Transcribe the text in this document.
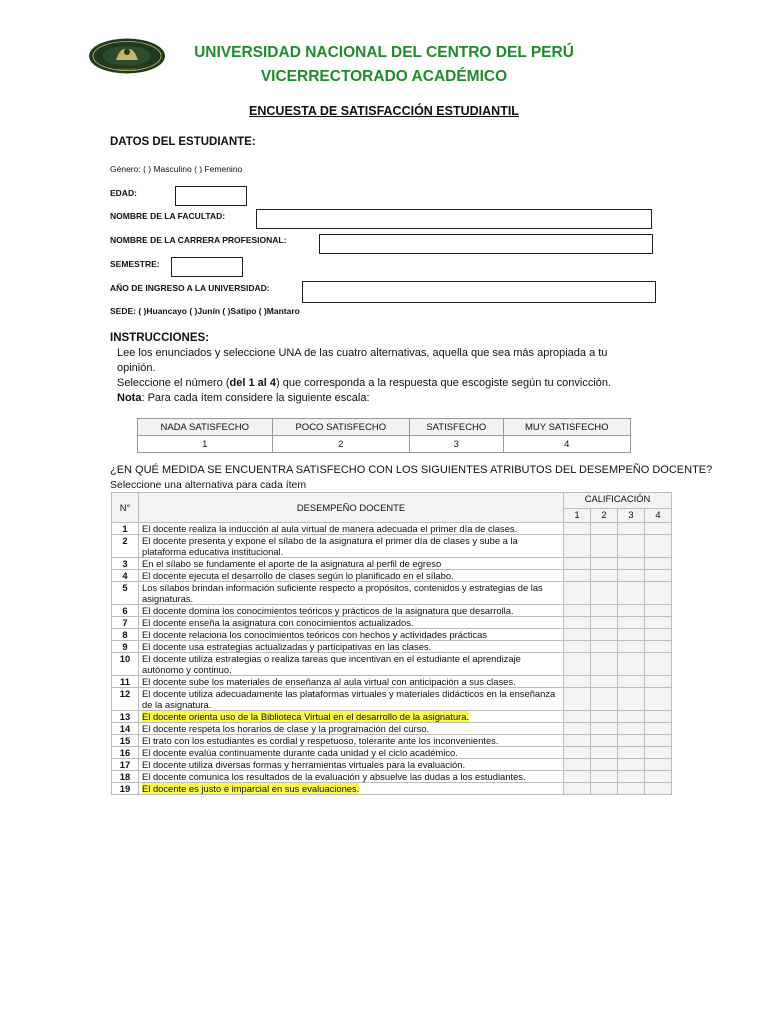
HUANCAYO
UNIVERSIDAD NACIONAL DEL CENTRO DEL PERÚ
VICERRECTORADO ACADÉMICO
ENCUESTA DE SATISFACCIÓN ESTUDIANTIL
DATOS DEL ESTUDIANTE:
Género: ( ) Masculino ( ) Femenino
EDAD:
NOMBRE DE LA FACULTAD:
NOMBRE DE LA CARRERA PROFESIONAL:
SEMESTRE:
AÑO DE INGRESO A LA UNIVERSIDAD:
SEDE: ( )Huancayo ( )Junín ( )Satipo ( )Mantaro
INSTRUCCIONES:
Lee los enunciados y seleccione UNA de las cuatro alternativas, aquella que sea más apropiada a tu opinión.
Seleccione el número (del 1 al 4) que corresponda a la respuesta que escogiste según tu convicción.
Nota: Para cada ítem considere la siguiente escala:
NADA SATISFECHO	POCO SATISFECHO	SATISFECHO	MUY SATISFECHO
1	2	3	4
¿EN QUÉ MEDIDA SE ENCUENTRA SATISFECHO CON LOS SIGUIENTES ATRIBUTOS DEL DESEMPEÑO DOCENTE?
Seleccione una alternativa para cada ítem
N°	DESEMPEÑO DOCENTE	CALIFICACIÓN			
		1	2	3	4
1	El docente realiza la inducción al aula virtual de manera adecuada el primer día de clases.				
2	El docente presenta y expone el sílabo de la asignatura el primer día de clases y sube a la plataforma educativa institucional.				
3	En el sílabo se fundamente el aporte de la asignatura al perfil de egreso				
4	El docente ejecuta el desarrollo de clases según lo planificado en el sílabo.				
5	Los sílabos brindan información suficiente respecto a propósitos, contenidos y estrategias de las asignaturas.				
6	El docente domina los conocimientos teóricos y prácticos de la asignatura que desarrolla.				
7	El docente enseña la asignatura con conocimientos actualizados.				
8	El docente relaciona los conocimientos teóricos con hechos y actividades prácticas				
9	El docente usa estrategias actualizadas y participativas en las clases.				
10	El docente utiliza estrategias o realiza tareas que incentivan en el estudiante el aprendizaje autónomo y continuo.				
11	El docente sube los materiales de enseñanza al aula virtual con anticipación a sus clases.				
12	El docente utiliza adecuadamente las plataformas virtuales y materiales didácticos en la enseñanza de la asignatura.				
13	El docente orienta uso de la Biblioteca Virtual en el desarrollo de la asignatura.				
14	El docente respeta los horarios de clase y la programación del curso.				
15	El trato con los estudiantes es cordial y respetuoso, tolerante ante los inconvenientes.				
16	El docente evalúa continuamente durante cada unidad y el ciclo académico.				
17	El docente utiliza diversas formas y herramientas virtuales para la evaluación.				
18	El docente comunica los resultados de la evaluación y absuelve las dudas a los estudiantes.				
19	El docente es justo e imparcial en sus evaluaciones.				
